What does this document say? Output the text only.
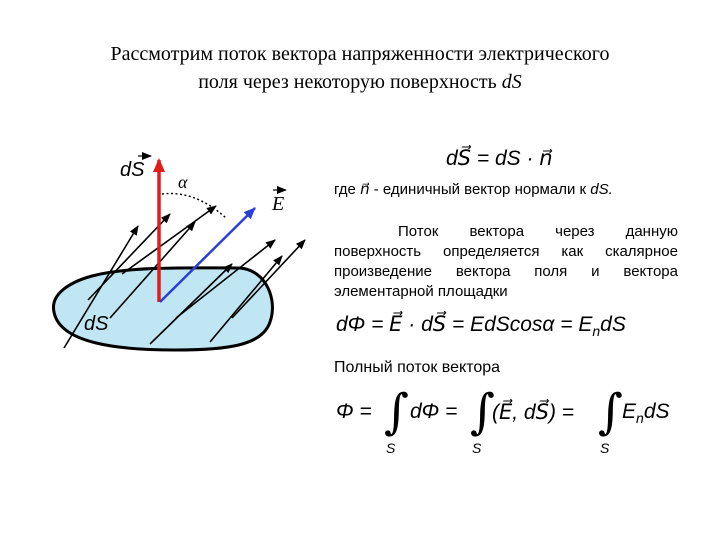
Рассмотрим поток вектора напряженности электрического
поля через некоторую поверхность dS
dS
α
E
dS
dS⃗ = dS · n⃗
где n⃗ - единичный вектор нормали к dS.
Поток вектора через данную поверхность определяется как скалярное произведение вектора поля и вектора элементарной площадки
dΦ = E⃗ · dS⃗ = $EdScos\alpha = E_ndS$
Полный поток вектора
Φ = ∫
S
dΦ = ∫
S
(E⃗, dS⃗) = ∫
S
$E_ndS$
